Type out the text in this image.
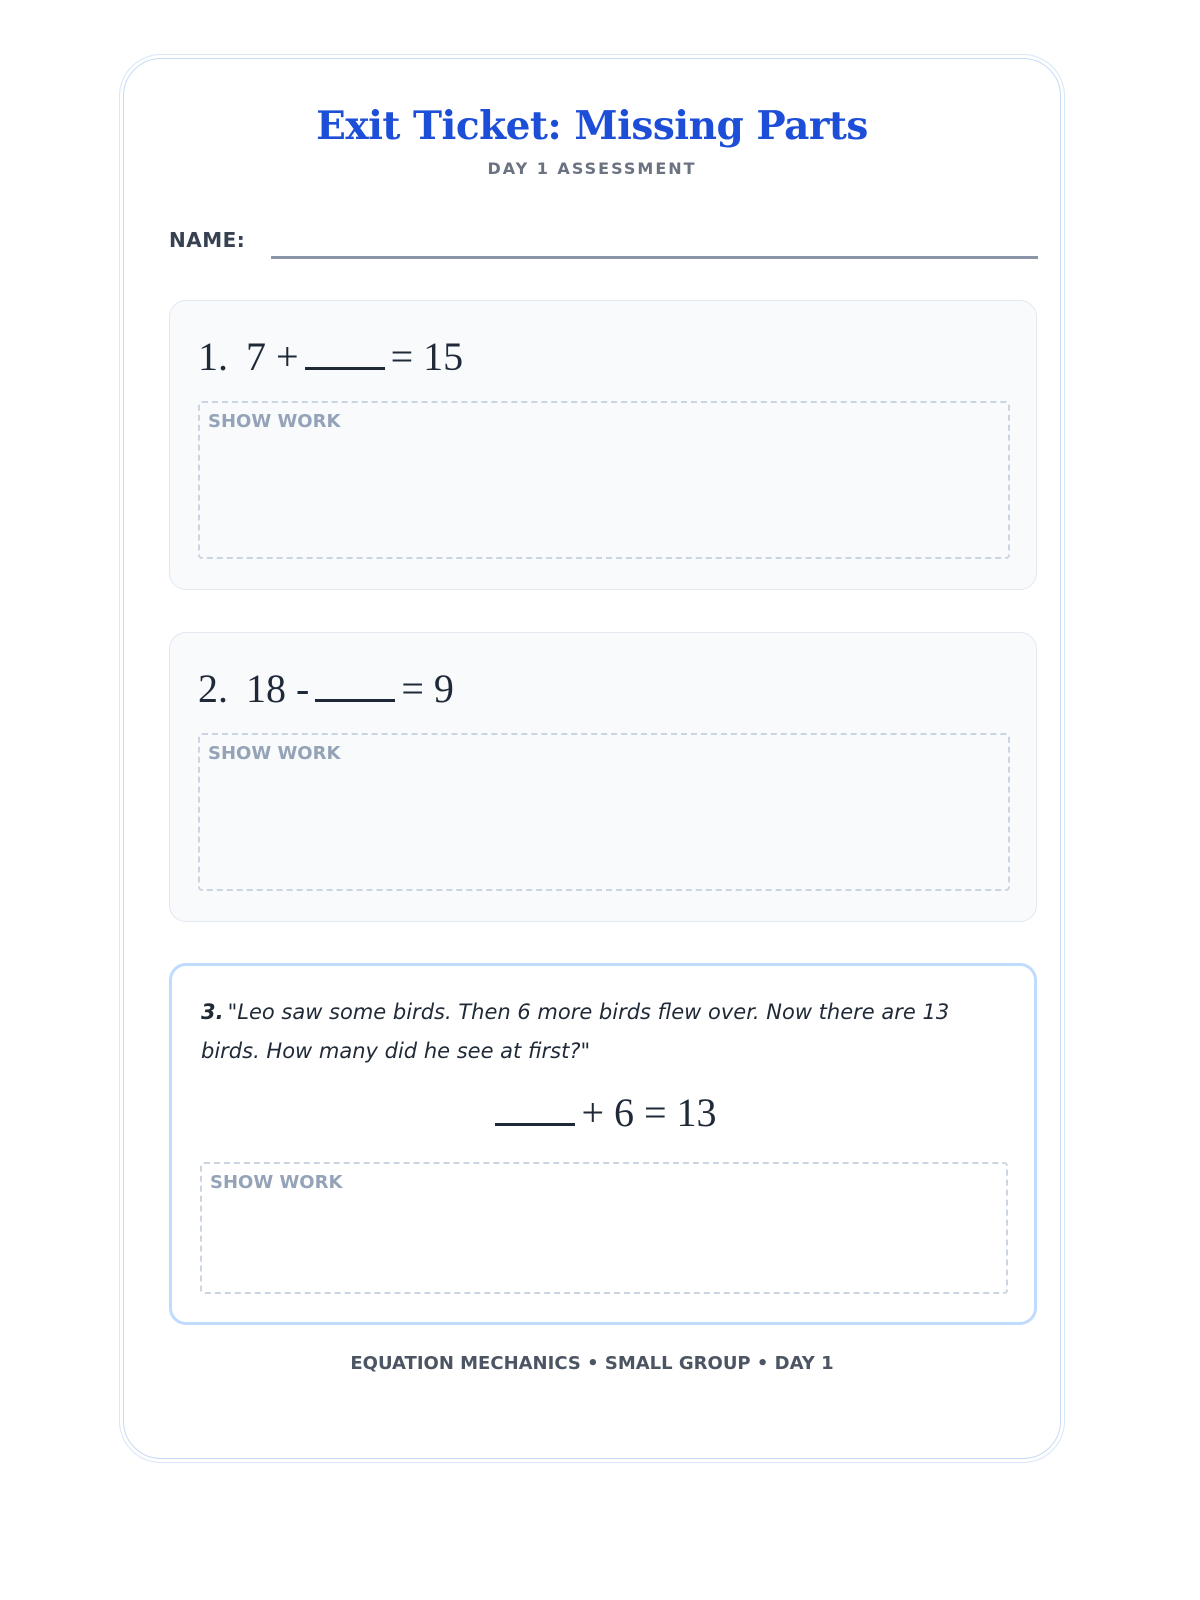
Exit Ticket: Missing Parts
DAY 1 ASSESSMENT
NAME:
1. 7 + = 15
SHOW WORK
2. 18 - = 9
SHOW WORK
3. "Leo saw some birds. Then 6 more birds flew over. Now there are 13 birds. How many did he see at first?"
+ 6 = 13
SHOW WORK
EQUATION MECHANICS • SMALL GROUP • DAY 1
